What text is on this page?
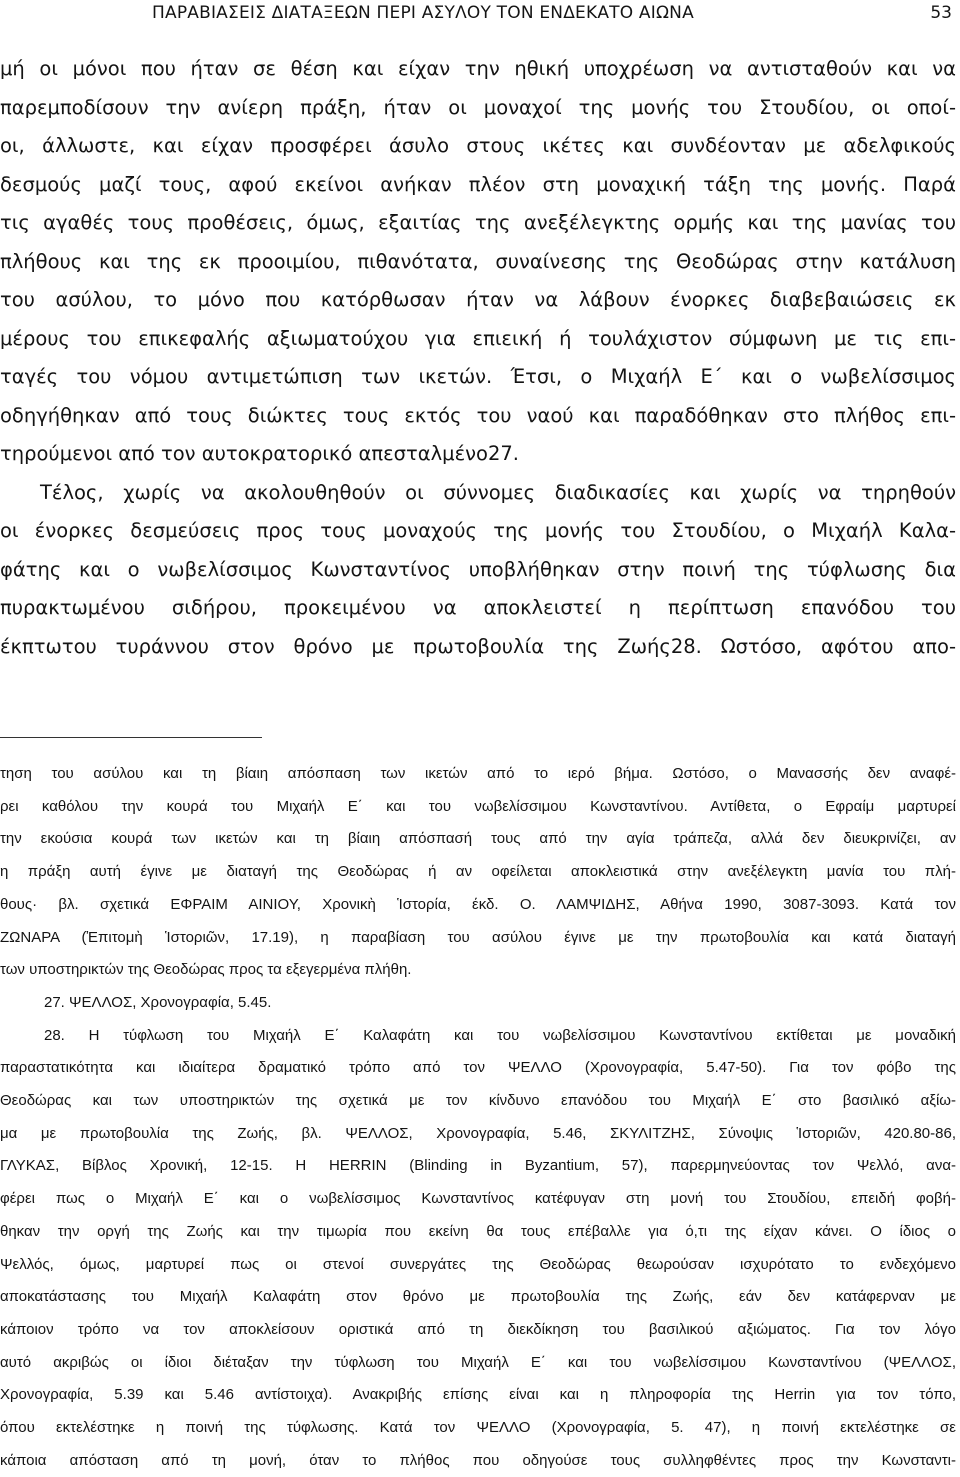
ΠΑΡΑΒΙΑΣΕΙΣ ΔΙΑΤΑΞΕΩΝ ΠΕΡΙ ΑΣΥΛΟΥ ΤΟΝ ΕΝΔΕΚΑΤΟ ΑΙΩΝΑ	53
μή οι μόνοι που ήταν σε θέση και είχαν την ηθική υποχρέωση να αντισταθούν και να
παρεμποδίσουν την ανίερη πράξη, ήταν οι μοναχοί της μονής του Στουδίου, οι οποί-
οι, άλλωστε, και είχαν προσφέρει άσυλο στους ικέτες και συνδέονταν με αδελφικούς
δεσμούς μαζί τους, αφού εκείνοι ανήκαν πλέον στη μοναχική τάξη της μονής. Παρά
τις αγαθές τους προθέσεις, όμως, εξαιτίας της ανεξέλεγκτης ορμής και της μανίας του
πλήθους και της εκ προοιμίου, πιθανότατα, συναίνεσης της Θεοδώρας στην κατάλυση
του ασύλου, το μόνο που κατόρθωσαν ήταν να λάβουν ένορκες διαβεβαιώσεις εκ
μέρους του επικεφαλής αξιωματούχου για επιεική ή τουλάχιστον σύμφωνη με τις επι-
ταγές του νόμου αντιμετώπιση των ικετών. Έτσι, ο Μιχαήλ Ε΄ και ο νωβελίσσιμος
οδηγήθηκαν από τους διώκτες τους εκτός του ναού και παραδόθηκαν στο πλήθος επι-
τηρούμενοι από τον αυτοκρατορικό απεσταλμένο27.
Τέλος, χωρίς να ακολουθηθούν οι σύννομες διαδικασίες και χωρίς να τηρηθούν
οι ένορκες δεσμεύσεις προς τους μοναχούς της μονής του Στουδίου, ο Μιχαήλ Καλα-
φάτης και ο νωβελίσσιμος Κωνσταντίνος υποβλήθηκαν στην ποινή της τύφλωσης δια
πυρακτωμένου σιδήρου, προκειμένου να αποκλειστεί η περίπτωση επανόδου του
έκπτωτου τυράννου στον θρόνο με πρωτοβουλία της Ζωής28. Ωστόσο, αφότου απο-
τηση του ασύλου και τη βίαιη απόσπαση των ικετών από το ιερό βήμα. Ωστόσο, ο Μανασσής δεν αναφέ-
ρει καθόλου την κουρά του Μιχαήλ Ε΄ και του νωβελίσσιμου Κωνσταντίνου. Αντίθετα, ο Εφραίμ μαρτυρεί
την εκούσια κουρά των ικετών και τη βίαιη απόσπασή τους από την αγία τράπεζα, αλλά δεν διευκρινίζει, αν
η πράξη αυτή έγινε με διαταγή της Θεοδώρας ή αν οφείλεται αποκλειστικά στην ανεξέλεγκτη μανία του πλή-
θους· βλ. σχετικά ΕΦΡΑΙΜ ΑΙΝΙΟΥ, Χρονικὴ Ἱστορία, έκδ. Ο. ΛΑΜΨΙΔΗΣ, Αθήνα 1990, 3087-3093. Κατά τον
ΖΩΝΑΡΑ (Ἐπιτομὴ Ἱστοριῶν, 17.19), η παραβίαση του ασύλου έγινε με την πρωτοβουλία και κατά διαταγή
των υποστηρικτών της Θεοδώρας προς τα εξεγερμένα πλήθη.
27. ΨΕΛΛΟΣ, Χρονογραφία, 5.45.
28. Η τύφλωση του Μιχαήλ Ε΄ Καλαφάτη και του νωβελίσσιμου Κωνσταντίνου εκτίθεται με μοναδική
παραστατικότητα και ιδιαίτερα δραματικό τρόπο από τον ΨΕΛΛΟ (Χρονογραφία, 5.47-50). Για τον φόβο της
Θεοδώρας και των υποστηρικτών της σχετικά με τον κίνδυνο επανόδου του Μιχαήλ Ε΄ στο βασιλικό αξίω-
μα με πρωτοβουλία της Ζωής, βλ. ΨΕΛΛΟΣ, Χρονογραφία, 5.46, ΣΚΥΛΙΤΖΗΣ, Σύνοψις Ἱστοριῶν, 420.80-86,
ΓΛΥΚΑΣ, Βίβλος Χρονική, 12-15. Η HERRIN (Blinding in Byzantium, 57), παρερμηνεύοντας τον Ψελλό, ανα-
φέρει πως ο Μιχαήλ Ε΄ και ο νωβελίσσιμος Κωνσταντίνος κατέφυγαν στη μονή του Στουδίου, επειδή φοβή-
θηκαν την οργή της Ζωής και την τιμωρία που εκείνη θα τους επέβαλλε για ό,τι της είχαν κάνει. Ο ίδιος ο
Ψελλός, όμως, μαρτυρεί πως οι στενοί συνεργάτες της Θεοδώρας θεωρούσαν ισχυρότατο το ενδεχόμενο
αποκατάστασης του Μιχαήλ Καλαφάτη στον θρόνο με πρωτοβουλία της Ζωής, εάν δεν κατάφερναν με
κάποιον τρόπο να τον αποκλείσουν οριστικά από τη διεκδίκηση του βασιλικού αξιώματος. Για τον λόγο
αυτό ακριβώς οι ίδιοι διέταξαν την τύφλωση του Μιχαήλ Ε΄ και του νωβελίσσιμου Κωνσταντίνου (ΨΕΛΛΟΣ,
Χρονογραφία, 5.39 και 5.46 αντίστοιχα). Ανακριβής επίσης είναι και η πληροφορία της Herrin για τον τόπο,
όπου εκτελέστηκε η ποινή της τύφλωσης. Κατά τον ΨΕΛΛΟ (Χρονογραφία, 5. 47), η ποινή εκτελέστηκε σε
κάποια απόσταση από τη μονή, όταν το πλήθος που οδηγούσε τους συλληφθέντες προς την Κωνσταντι-
